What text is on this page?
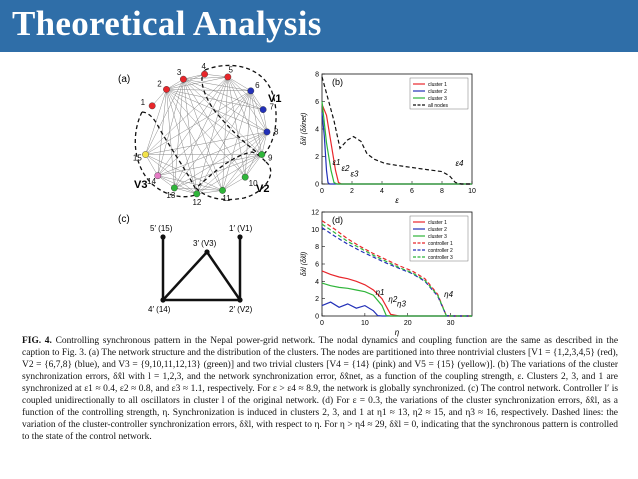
Theoretical Analysis
(a)
1
2
3
4	5
6
7
8
9
10
11
12
13
14
15
V1
V2
V3
(c)
5′ (15)	1′ (V1)
3′ (V3)
4′ (14)	2′ (V2)
0	2	4	6	8	10
0
2
4
6
8
ε
δx̂l (δx̂net)
(b)	cluster 1
cluster 2
cluster 3
all nodes
ε1
ε2
ε3
ε4
0	10	20	30
0
2
4
6
8
10
12
η
δx̂l (δx̃l)
(d)	cluster 1
cluster 2
cluster 3
controller 1
controller 2
controller 3
η1
η2 η3
η4
FIG. 4. Controlling synchronous pattern in the Nepal power-grid network. The nodal dynamics and coupling function are the same as described in the caption to Fig. 3. (a) The network structure and the distribution of the clusters. The nodes are partitioned into three nontrivial clusters [V1 = {1,2,3,4,5} (red), V2 = {6,7,8} (blue), and V3 = {9,10,11,12,13} (green)] and two trivial clusters [V4 = {14} (pink) and V5 = {15} (yellow)]. (b) The variations of the cluster synchronization errors, δx̂l with l = 1,2,3, and the network synchronization error, δx̂net, as a function of the coupling strength, ε. Clusters 2, 3, and 1 are synchronized at ε1 ≈ 0.4, ε2 ≈ 0.8, and ε3 ≈ 1.1, respectively. For ε > ε4 ≈ 8.9, the network is globally synchronized. (c) The control network. Controller l′ is coupled unidirectionally to all oscillators in cluster l of the original network. (d) For ε = 0.3, the variations of the cluster synchronization errors, δx̂l, as a function of the controlling strength, η. Synchronization is induced in clusters 2, 3, and 1 at η1 ≈ 13, η2 ≈ 15, and η3 ≈ 16, respectively. Dashed lines: the variation of the cluster-controller synchronization errors, δx̃l, with respect to η. For η > η4 ≈ 29, δx̃l = 0, indicating that the synchronous pattern is controlled to the state of the control network.
